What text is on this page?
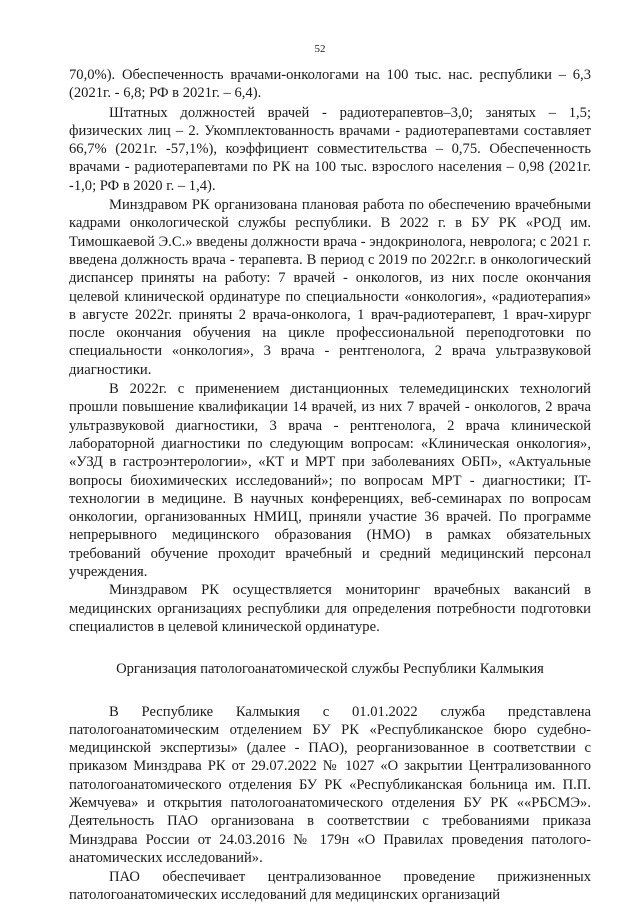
52

70,0%). Обеспеченность врачами-онкологами на 100 тыс. нас. республики – 6,3 (2021г. - 6,8; РФ в 2021г. – 6,4).

Штатных должностей врачей - радиотерапевтов–3,0; занятых – 1,5; физических лиц – 2. Укомплектованность врачами - радиотерапевтами составляет 66,7% (2021г. -57,1%), коэффициент совместительства – 0,75. Обеспеченность врачами - радиотерапевтами по РК на 100 тыс. взрослого населения – 0,98 (2021г. -1,0; РФ в 2020 г. – 1,4).

Минздравом РК организована плановая работа по обеспечению врачебными кадрами онкологической службы республики. В 2022 г. в БУ РК «РОД им. Тимошкаевой Э.С.» введены должности врача - эндокринолога, невролога; с 2021 г. введена должность врача - терапевта. В период с 2019 по 2022г.г. в онкологический диспансер приняты на работу: 7 врачей - онкологов, из них после окончания целевой клинической ординатуре по специальности «онкология», «радиотерапия» в августе 2022г. приняты 2 врача-онколога, 1 врач-радиотерапевт, 1 врач-хирург после окончания обучения на цикле профессиональной переподготовки по специальности «онкология», 3 врача - рентгенолога, 2 врача ультразвуковой диагностики.

В 2022г. с применением дистанционных телемедицинских технологий прошли повышение квалификации 14 врачей, из них 7 врачей - онкологов, 2 врача ультразвуковой диагностики, 3 врача - рентгенолога, 2 врача клинической лабораторной диагностики по следующим вопросам: «Клиническая онкология», «УЗД в гастроэнтерологии», «КТ и МРТ при заболеваниях ОБП», «Актуальные вопросы биохимических исследований»; по вопросам МРТ - диагностики; IT-технологии в медицине. В научных конференциях, веб-семинарах по вопросам онкологии, организованных НМИЦ, приняли участие 36 врачей. По программе непрерывного медицинского образования (НМО) в рамках обязательных требований обучение проходит врачебный и средний медицинский персонал учреждения.

Минздравом РК осуществляется мониторинг врачебных вакансий в медицинских организациях республики для определения потребности подготовки специалистов в целевой клинической ординатуре.

Организация патологоанатомической службы Республики Калмыкия

В Республике Калмыкия с 01.01.2022 служба представлена патологоанатомическим отделением БУ РК «Республиканское бюро судебно-медицинской экспертизы» (далее - ПАО), реорганизованное в соответствии с приказом Минздрава РК от 29.07.2022 № 1027 «О закрытии Централизованного патологоанатомического отделения БУ РК «Республиканская больница им. П.П. Жемчуева» и открытия патологоанатомического отделения БУ РК ««РБСМЭ». Деятельность ПАО организована в соответствии с требованиями приказа Минздрава России от 24.03.2016 № 179н «О Правилах проведения патолого-анатомических исследований».

ПАО обеспечивает централизованное проведение прижизненных патологоанатомических исследований для медицинских организаций
